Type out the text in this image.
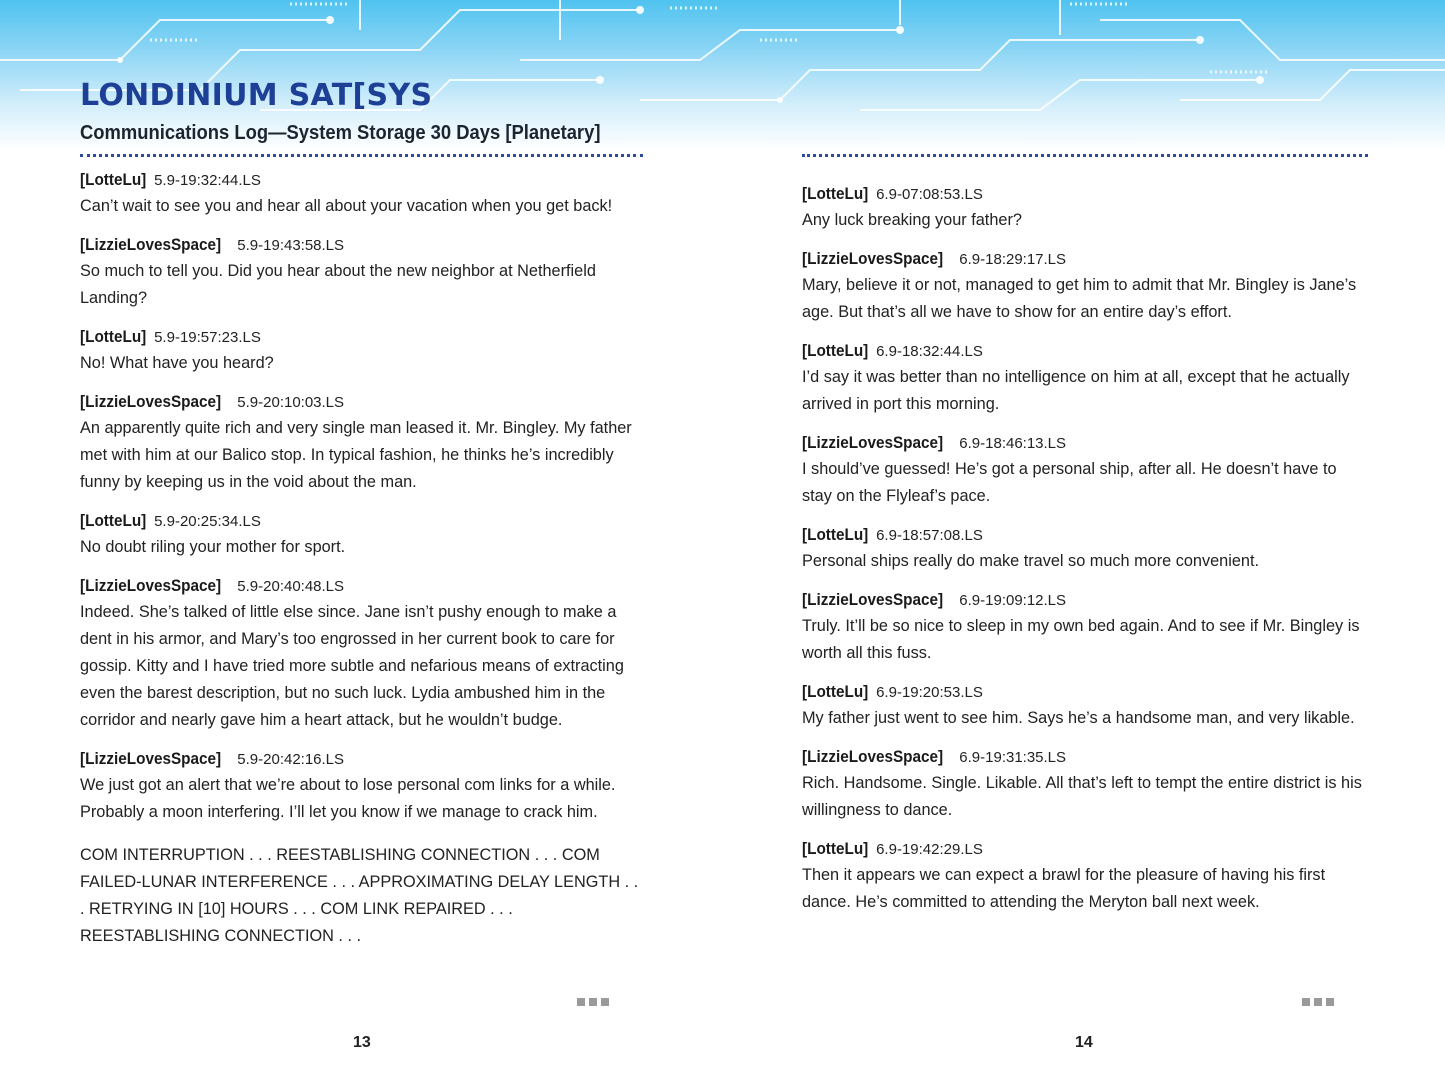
LONDINIUM SAT[SYS
Communications Log—System Storage 30 Days [Planetary]
[LotteLu] 5.9-19:32:44.LS

Can’t wait to see you and hear all about your vacation when you get back!

[LizzieLovesSpace] 5.9-19:43:58.LS

So much to tell you. Did you hear about the new neighbor at Netherfield Landing?

[LotteLu] 5.9-19:57:23.LS

No! What have you heard?

[LizzieLovesSpace] 5.9-20:10:03.LS

An apparently quite rich and very single man leased it. Mr. Bingley. My father met with him at our Balico stop. In typical fashion, he thinks he’s incredibly funny by keeping us in the void about the man.

[LotteLu] 5.9-20:25:34.LS

No doubt riling your mother for sport.

[LizzieLovesSpace] 5.9-20:40:48.LS

Indeed. She’s talked of little else since. Jane isn’t pushy enough to make a dent in his armor, and Mary’s too engrossed in her current book to care for gossip. Kitty and I have tried more subtle and nefarious means of extracting even the barest description, but no such luck. Lydia ambushed him in the corridor and nearly gave him a heart attack, but he wouldn’t budge.

[LizzieLovesSpace] 5.9-20:42:16.LS

We just got an alert that we’re about to lose personal com links for a while. Probably a moon interfering. I’ll let you know if we manage to crack him.

COM INTERRUPTION . . . REESTABLISHING CONNECTION . . . COM FAILED-LUNAR INTERFERENCE . . . APPROXIMATING DELAY LENGTH . . . RETRYING IN [10] HOURS . . . COM LINK REPAIRED . . . REESTABLISHING CONNECTION . . .

13
[LotteLu] 6.9-07:08:53.LS

Any luck breaking your father?

[LizzieLovesSpace] 6.9-18:29:17.LS

Mary, believe it or not, managed to get him to admit that Mr. Bingley is Jane’s age. But that’s all we have to show for an entire day’s effort.

[LotteLu] 6.9-18:32:44.LS

I’d say it was better than no intelligence on him at all, except that he actually arrived in port this morning.

[LizzieLovesSpace] 6.9-18:46:13.LS

I should’ve guessed! He’s got a personal ship, after all. He doesn’t have to stay on the Flyleaf’s pace.

[LotteLu] 6.9-18:57:08.LS

Personal ships really do make travel so much more convenient.

[LizzieLovesSpace] 6.9-19:09:12.LS

Truly. It’ll be so nice to sleep in my own bed again. And to see if Mr. Bingley is worth all this fuss.

[LotteLu] 6.9-19:20:53.LS

My father just went to see him. Says he’s a handsome man, and very likable.

[LizzieLovesSpace] 6.9-19:31:35.LS

Rich. Handsome. Single. Likable. All that’s left to tempt the entire district is his willingness to dance.

[LotteLu] 6.9-19:42:29.LS

Then it appears we can expect a brawl for the pleasure of having his first dance. He’s committed to attending the Meryton ball next week.

14
